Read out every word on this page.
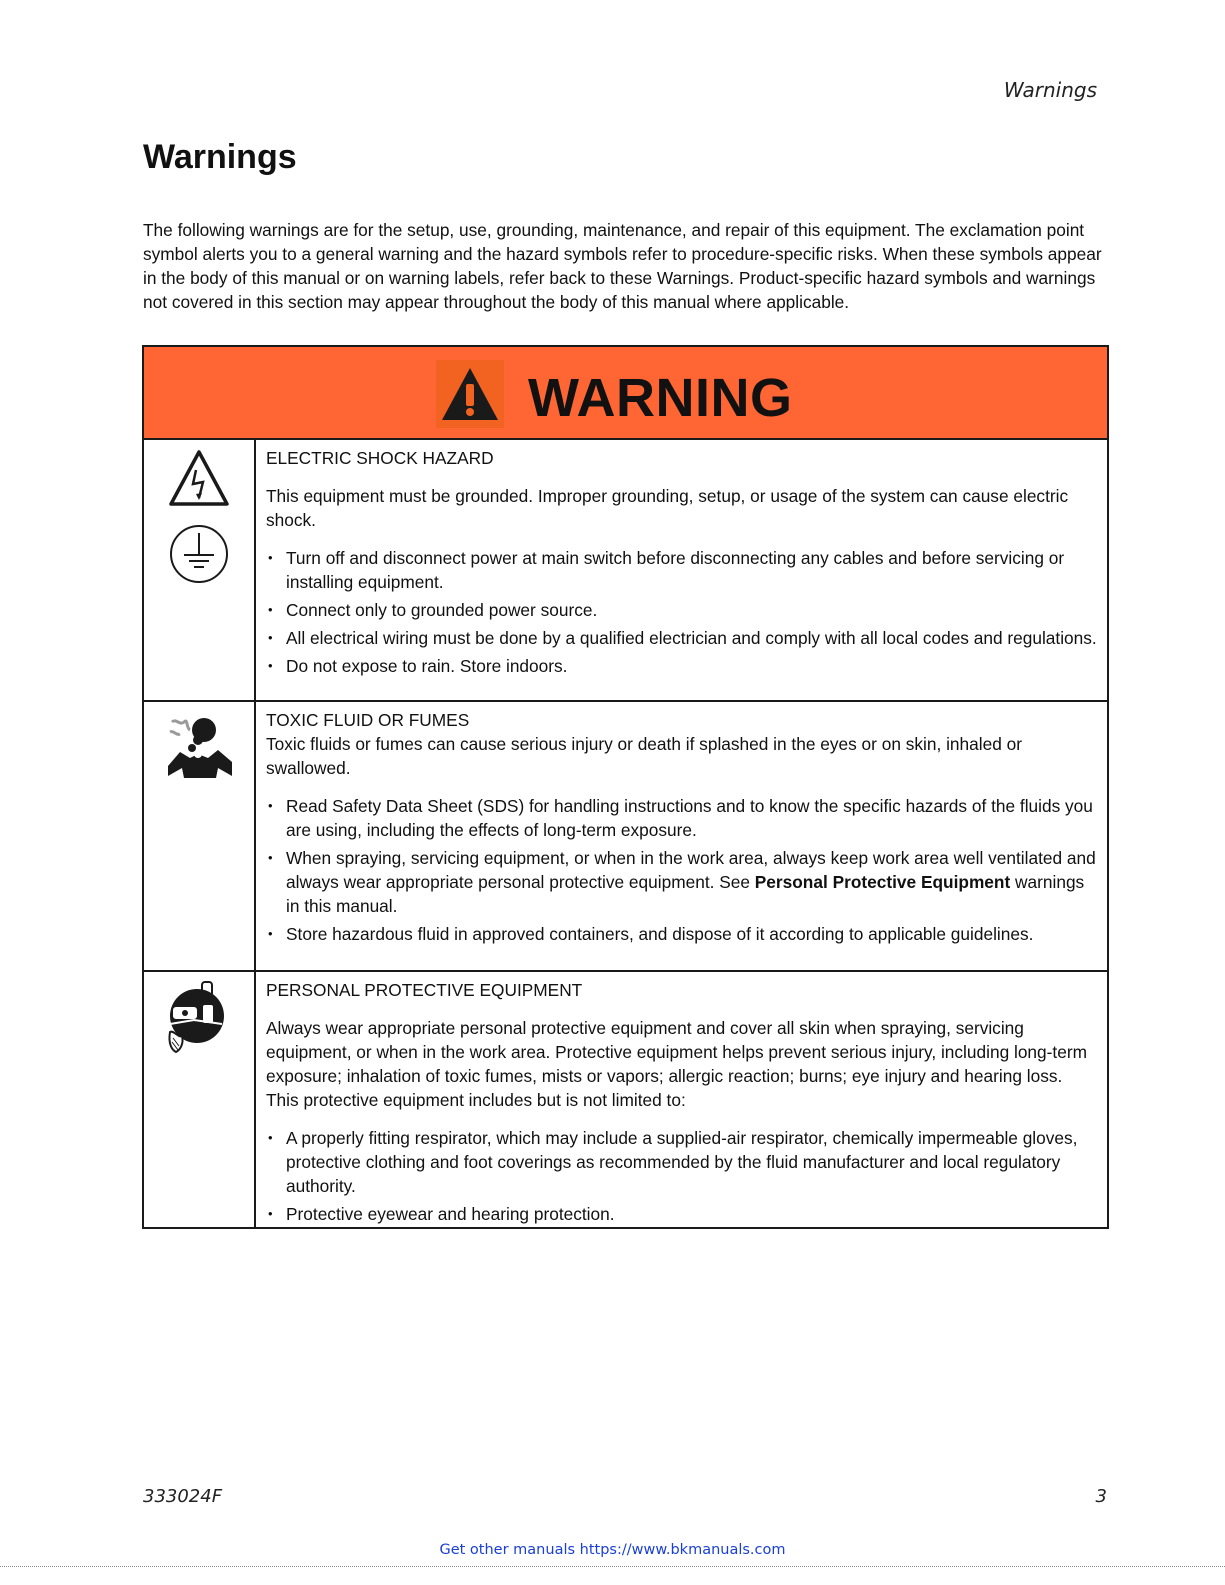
Warnings
Warnings

The following warnings are for the setup, use, grounding, maintenance, and repair of this equipment. The exclamation point symbol alerts you to a general warning and the hazard symbols refer to procedure-specific risks. When these symbols appear in the body of this manual or on warning labels, refer back to these Warnings. Product-specific hazard symbols and warnings not covered in this section may appear throughout the body of this manual where applicable.

WARNING

ELECTRIC SHOCK HAZARD

This equipment must be grounded. Improper grounding, setup, or usage of the system can cause electric shock.

• Turn off and disconnect power at main switch before disconnecting any cables and before servicing or installing equipment.
• Connect only to grounded power source.
• All electrical wiring must be done by a qualified electrician and comply with all local codes and regulations.
• Do not expose to rain. Store indoors.

TOXIC FLUID OR FUMES

Toxic fluids or fumes can cause serious injury or death if splashed in the eyes or on skin, inhaled or swallowed.

• Read Safety Data Sheet (SDS) for handling instructions and to know the specific hazards of the fluids you are using, including the effects of long-term exposure.
• When spraying, servicing equipment, or when in the work area, always keep work area well ventilated and always wear appropriate personal protective equipment. See Personal Protective Equipment warnings in this manual.
• Store hazardous fluid in approved containers, and dispose of it according to applicable guidelines.

PERSONAL PROTECTIVE EQUIPMENT

Always wear appropriate personal protective equipment and cover all skin when spraying, servicing equipment, or when in the work area. Protective equipment helps prevent serious injury, including long-term exposure; inhalation of toxic fumes, mists or vapors; allergic reaction; burns; eye injury and hearing loss. This protective equipment includes but is not limited to:

• A properly fitting respirator, which may include a supplied-air respirator, chemically impermeable gloves, protective clothing and foot coverings as recommended by the fluid manufacturer and local regulatory authority.
• Protective eyewear and hearing protection.
333024F	3
Get other manuals https://www.bkmanuals.com
